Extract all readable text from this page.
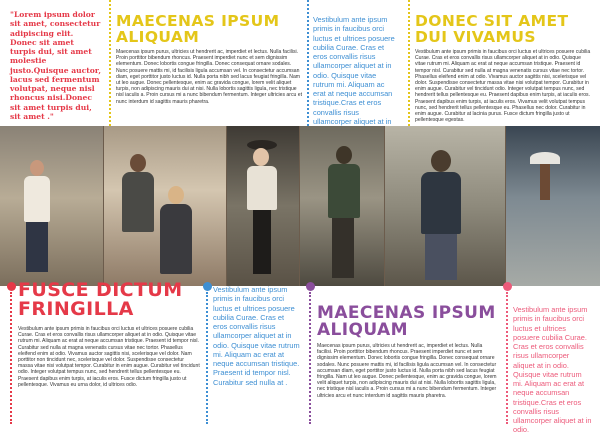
"Lorem ipsum dolor sit amet, consectetur adipiscing elit. Donec sit amet turpis dui, sit amet molestie justo.Quisque auctor, lacus sed fermentum volutpat, neque nisl rhoncus nisi.Donec sit amet turpis dui, sit amet ."

MAECENAS IPSUM ALIQUAM

Maecenas ipsum purus, ultricies ut hendrerit ac, imperdiet et lectus. Nulla facilisi. Proin porttitor bibendum rhoncus. Praesent imperdiet nunc et sem dignissim elementum. Donec lobortis congue fringilla. Donec consequat ornare sodales. Nunc posuere mattis mi, id facilisis ligula accumsan vel. In consectetur accumsan diam, eget porttitor justo luctus id. Nulla porta nibh sed lacus feugiat fringilla. Nam ut leo augue. Donec pellentesque, enim ac gravida congue, lorem velit aliquet turpis, non adipiscing mauris dui at nisi. Nulla lobortis sagittis ligula, nec tristique nisl iaculis a. Proin cursus mi a nunc bibendum fermentum. Integer ultricies arcu et nunc interdum id sagittis mauris pharetra.

Vestibulum ante ipsum primis in faucibus orci luctus et ultrices posuere cubilia Curae. Cras et eros convallis risus ullamcorper aliquet at in odio. Quisque vitae rutrum mi. Aliquam ac erat at neque accumsan tristique.Cras et eros convallis risus ullamcorper aliquet at in

DONEC SIT AMET DUI VIVAMUS

Vestibulum ante ipsum primis in faucibus orci luctus et ultrices posuere cubilia Curae. Cras et eros convallis risus ullamcorper aliquet at in odio. Quisque vitae rutrum mi. Aliquam ac erat at neque accumsan tristique. Praesent id tempor nisl. Curabitur sed nulla at magna venenatis cursus vitae nec tortor. Phasellus eleifend enim at odio. Vivamus auctor sagittis nisi, scelerisque vel dolor. Suspendisse consectetur massa vitae nisi volutpat tempor. Curabitur in enim augue. Curabitur vel tincidunt odio. Integer volutpat tempus nunc, sed hendrerit tellus pellentesque eu. Praesent dapibus enim turpis, at iaculis eros. Praesent dapibus enim turpis, at iaculis eros. Vivamus velit volutpat tempus nunc, sed hendrerit tellus pellentesque eu. Phasellus nec dolor. Curabitur in enim augue. Curabitur at lacinia purus. Fusce dictum fringilla justo ut pellentesque egestas.

FUSCE DICTUM FRINGILLA

Vestibulum ante ipsum primis in faucibus orci luctus et ultrices posuere cubilia Curae. Cras et eros convallis risus ullamcorper aliquet at in odio. Quisque vitae rutrum mi. Aliquam ac erat at neque accumsan tristique. Praesent id tempor nisl. Curabitur sed nulla at magna venenatis cursus vitae nec tortor. Phasellus eleifend enim at odio. Vivamus auctor sagittis nisi, scelerisque vel dolor. Nam porttitor non tincidunt nec, scelerisque vel dolor. Suspendisse consectetur massa vitae nisi volutpat tempor. Curabitur in enim augue. Curabitur vel tincidunt odio. Integer volutpat tempus nunc, sed hendrerit tellus pellentesque eu. Praesent dapibus enim turpis, at iaculis eros. Fusce dictum fringilla justo ut pellentesque. Vivamus eu urna dolor, id ultrices odio.

Vestibulum ante ipsum primis in faucibus orci luctus et ultrices posuere cubilia Curae. Cras et eros convallis risus ullamcorper aliquet at in odio. Quisque vitae rutrum mi. Aliquam ac erat at neque accumsan tristique. Praesent id tempor nisl. Curabitur sed nulla at .

MAECENAS IPSUM ALIQUAM

Maecenas ipsum purus, ultricies ut hendrerit ac, imperdiet et lectus. Nulla facilisi. Proin porttitor bibendum rhoncus. Praesent imperdiet nunc et sem dignissim elementum. Donec lobortis congue fringilla. Donec consequat ornare sodales. Nunc posuere mattis mi, id facilisis ligula accumsan vel. In consectetur accumsan diam, eget porttitor justo luctus id. Nulla porta nibh sed lacus feugiat fringilla. Nam ut leo augue. Donec pellentesque, enim ac gravida congue, lorem velit aliquet turpis, non adipiscing mauris dui at nisi. Nulla lobortis sagittis ligula, nec tristique nisl iaculis a. Proin cursus mi a nunc bibendum fermentum. Integer ultricies arcu et nunc interdum id sagittis mauris pharetra.

Vestibulum ante ipsum primis in faucibus orci luctus et ultrices posuere cubilia Curae. Cras et eros convallis risus ullamcorper aliquet at in odio. Quisque vitae rutrum mi. Aliquam ac erat at neque accumsan tristique.Cras et eros convallis risus ullamcorper aliquet at in odio.
